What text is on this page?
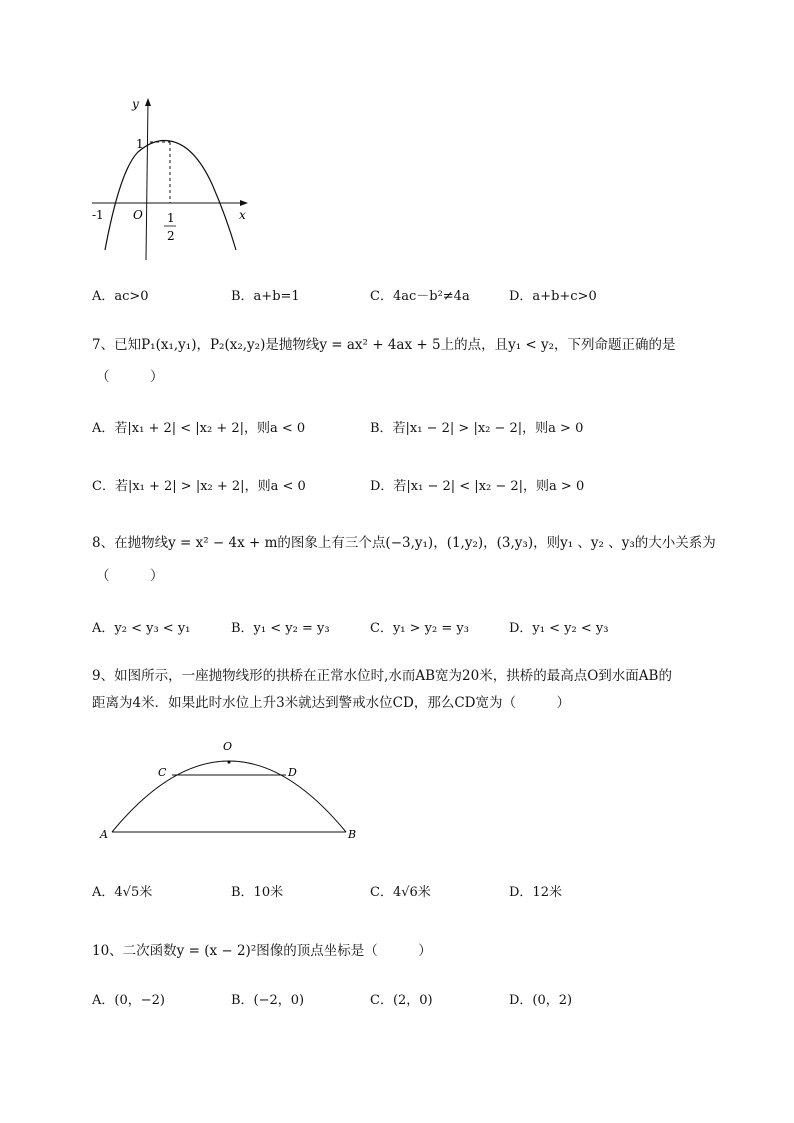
y
x
1
-1 O 1
2
A．ac>0	B．a+b=1	C．4ac－b²≠4a	D．a+b+c>0
7、已知P₁(x₁,y₁)，P₂(x₂,y₂)是抛物线y = ax² + 4ax + 5上的点，且y₁ < y₂，下列命题正确的是
（　　　）
A．若|x₁ + 2| < |x₂ + 2|，则a < 0	B．若|x₁ − 2| > |x₂ − 2|，则a > 0
C．若|x₁ + 2| > |x₂ + 2|，则a < 0	D．若|x₁ − 2| < |x₂ − 2|，则a > 0
8、在抛物线y = x² − 4x + m的图象上有三个点(−3,y₁)，(1,y₂)，(3,y₃)，则y₁ 、y₂ 、y₃的大小关系为
（　　　）
A．y₂ < y₃ < y₁	B．y₁ < y₂ = y₃	C．y₁ > y₂ = y₃	D．y₁ < y₂ < y₃
9、如图所示，一座抛物线形的拱桥在正常水位时,水而AB宽为20米，拱桥的最高点O到水面AB的
距离为4米．如果此时水位上升3米就达到警戒水位CD，那么CD宽为（　　　）
O
C	D
A	B
A．4√5米	B．10米	C．4√6米	D．12米
10、二次函数y = (x − 2)²图像的顶点坐标是（　　　）
A．(0，−2)	B．(−2，0)	C．(2，0)	D．(0，2)
